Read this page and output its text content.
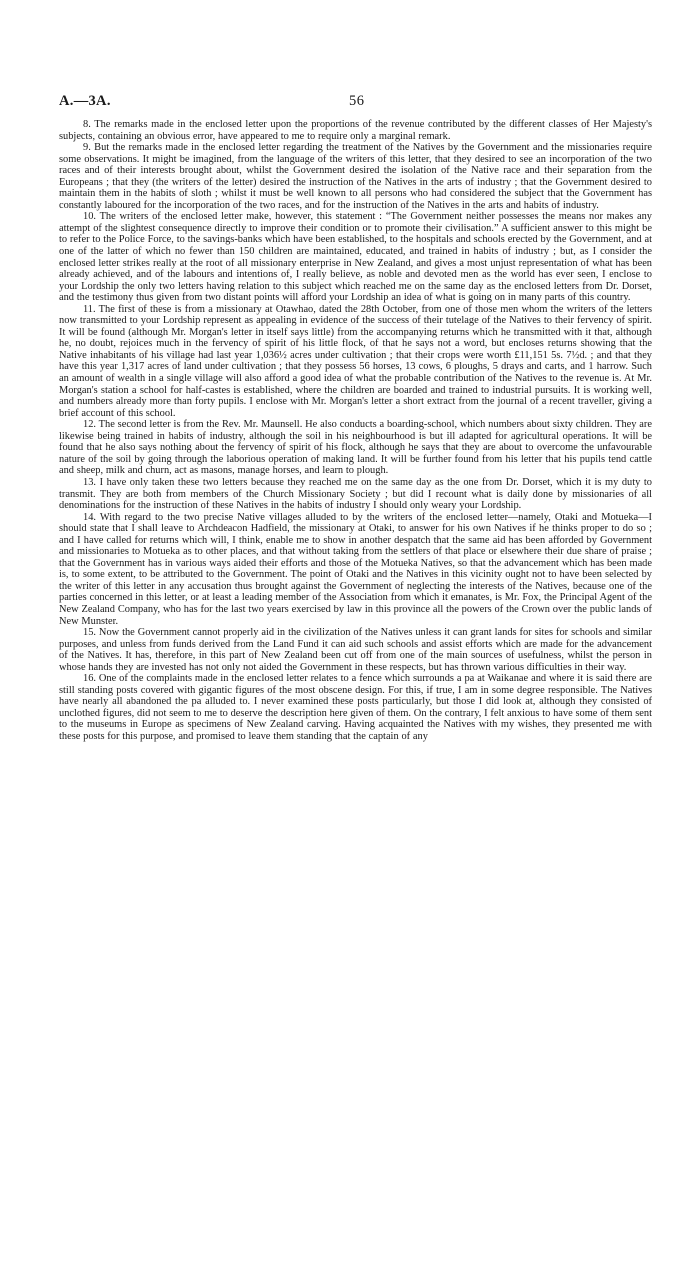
A.—3A.	56

8. The remarks made in the enclosed letter upon the proportions of the revenue contributed by the different classes of Her Majesty's subjects, containing an obvious error, have appeared to me to require only a marginal remark.

9. But the remarks made in the enclosed letter regarding the treatment of the Natives by the Government and the missionaries require some observations. It might be imagined, from the language of the writers of this letter, that they desired to see an incorporation of the two races and of their interests brought about, whilst the Government desired the isolation of the Native race and their separation from the Europeans ; that they (the writers of the letter) desired the instruction of the Natives in the arts of industry ; that the Government desired to maintain them in the habits of sloth ; whilst it must be well known to all persons who had considered the subject that the Government has constantly laboured for the incorporation of the two races, and for the instruction of the Natives in the arts and habits of industry.

10. The writers of the enclosed letter make, however, this statement : “The Government neither possesses the means nor makes any attempt of the slightest consequence directly to improve their condition or to promote their civilisation.” A sufficient answer to this might be to refer to the Police Force, to the savings-banks which have been established, to the hospitals and schools erected by the Government, and at one of the latter of which no fewer than 150 children are maintained, educated, and trained in habits of industry ; but, as I consider the enclosed letter strikes really at the root of all missionary enterprise in New Zealand, and gives a most unjust representation of what has been already achieved, and of the labours and intentions of, I really believe, as noble and devoted men as the world has ever seen, I enclose to your Lordship the only two letters having relation to this subject which reached me on the same day as the enclosed letters from Dr. Dorset, and the testimony thus given from two distant points will afford your Lordship an idea of what is going on in many parts of this country.

11. The first of these is from a missionary at Otawhao, dated the 28th October, from one of those men whom the writers of the letters now transmitted to your Lordship represent as appealing in evidence of the success of their tutelage of the Natives to their fervency of spirit. It will be found (although Mr. Morgan's letter in itself says little) from the accompanying returns which he transmitted with it that, although he, no doubt, rejoices much in the fervency of spirit of his little flock, of that he says not a word, but encloses returns showing that the Native inhabitants of his village had last year 1,036½ acres under cultivation ; that their crops were worth £11,151 5s. 7½d. ; and that they have this year 1,317 acres of land under cultivation ; that they possess 56 horses, 13 cows, 6 ploughs, 5 drays and carts, and 1 harrow. Such an amount of wealth in a single village will also afford a good idea of what the probable contribution of the Natives to the revenue is. At Mr. Morgan's station a school for half-castes is established, where the children are boarded and trained to industrial pursuits. It is working well, and numbers already more than forty pupils. I enclose with Mr. Morgan's letter a short extract from the journal of a recent traveller, giving a brief account of this school.

12. The second letter is from the Rev. Mr. Maunsell. He also conducts a boarding-school, which numbers about sixty children. They are likewise being trained in habits of industry, although the soil in his neighbourhood is but ill adapted for agricultural operations. It will be found that he also says nothing about the fervency of spirit of his flock, although he says that they are about to overcome the unfavourable nature of the soil by going through the laborious operation of making land. It will be further found from his letter that his pupils tend cattle and sheep, milk and churn, act as masons, manage horses, and learn to plough.

13. I have only taken these two letters because they reached me on the same day as the one from Dr. Dorset, which it is my duty to transmit. They are both from members of the Church Missionary Society ; but did I recount what is daily done by missionaries of all denominations for the instruction of these Natives in the habits of industry I should only weary your Lordship.

14. With regard to the two precise Native villages alluded to by the writers of the enclosed letter—namely, Otaki and Motueka—I should state that I shall leave to Archdeacon Hadfield, the missionary at Otaki, to answer for his own Natives if he thinks proper to do so ; and I have called for returns which will, I think, enable me to show in another despatch that the same aid has been afforded by Government and missionaries to Motueka as to other places, and that without taking from the settlers of that place or elsewhere their due share of praise ; that the Government has in various ways aided their efforts and those of the Motueka Natives, so that the advancement which has been made is, to some extent, to be attributed to the Government. The point of Otaki and the Natives in this vicinity ought not to have been selected by the writer of this letter in any accusation thus brought against the Government of neglecting the interests of the Natives, because one of the parties concerned in this letter, or at least a leading member of the Association from which it emanates, is Mr. Fox, the Principal Agent of the New Zealand Company, who has for the last two years exercised by law in this province all the powers of the Crown over the public lands of New Munster.

15. Now the Government cannot properly aid in the civilization of the Natives unless it can grant lands for sites for schools and similar purposes, and unless from funds derived from the Land Fund it can aid such schools and assist efforts which are made for the advancement of the Natives. It has, therefore, in this part of New Zealand been cut off from one of the main sources of usefulness, whilst the person in whose hands they are invested has not only not aided the Government in these respects, but has thrown various difficulties in their way.

16. One of the complaints made in the enclosed letter relates to a fence which surrounds a pa at Waikanae and where it is said there are still standing posts covered with gigantic figures of the most obscene design. For this, if true, I am in some degree responsible. The Natives have nearly all abandoned the pa alluded to. I never examined these posts particularly, but those I did look at, although they consisted of unclothed figures, did not seem to me to deserve the description here given of them. On the contrary, I felt anxious to have some of them sent to the museums in Europe as specimens of New Zealand carving. Having acquainted the Natives with my wishes, they presented me with these posts for this purpose, and promised to leave them standing that the captain of any
